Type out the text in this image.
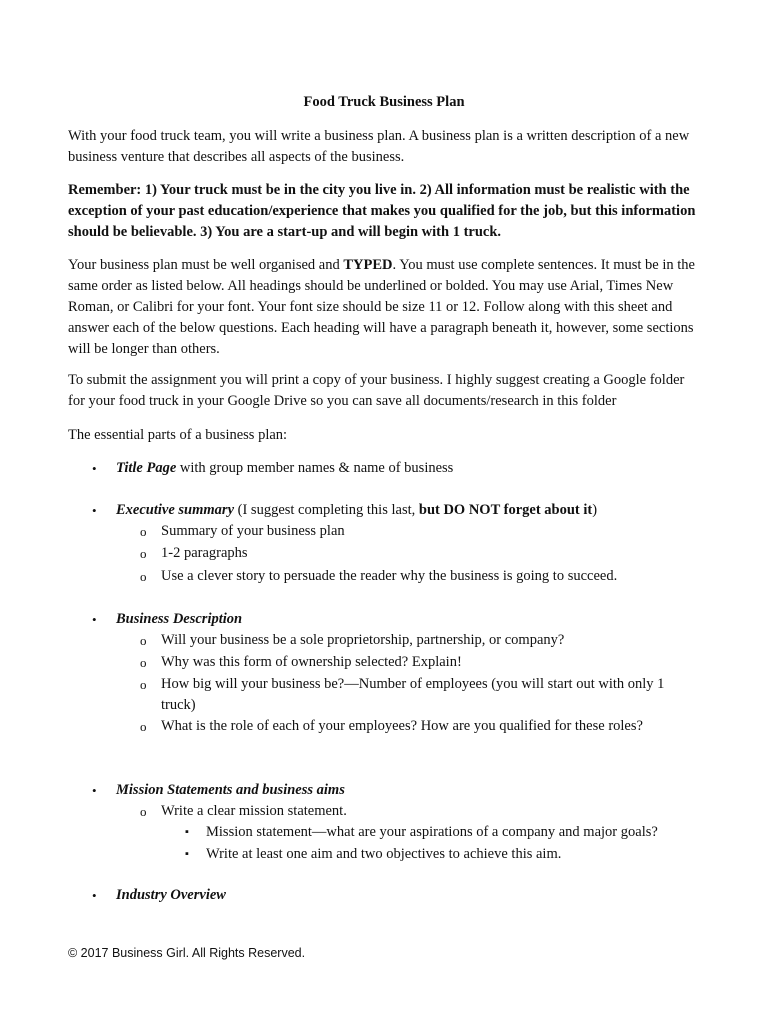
Food Truck Business Plan

With your food truck team, you will write a business plan. A business plan is a written description of a new business venture that describes all aspects of the business.

Remember: 1) Your truck must be in the city you live in. 2) All information must be realistic with the exception of your past education/experience that makes you qualified for the job, but this information should be believable. 3) You are a start-up and will begin with 1 truck.

Your business plan must be well organised and TYPED. You must use complete sentences. It must be in the same order as listed below. All headings should be underlined or bolded. You may use Arial, Times New Roman, or Calibri for your font. Your font size should be size 11 or 12. Follow along with this sheet and answer each of the below questions. Each heading will have a paragraph beneath it, however, some sections will be longer than others.

To submit the assignment you will print a copy of your business. I highly suggest creating a Google folder for your food truck in your Google Drive so you can save all documents/research in this folder

The essential parts of a business plan:

•	Title Page with group member names & name of business
•	Executive summary (I suggest completing this last, but DO NOT forget about it)
o Summary of your business plan
o 1-2 paragraphs
o Use a clever story to persuade the reader why the business is going to succeed.
•	Business Description
o Will your business be a sole proprietorship, partnership, or company?
o Why was this form of ownership selected? Explain!
o How big will your business be?—Number of employees (you will start out with only 1 truck)
o What is the role of each of your employees? How are you qualified for these roles?
•	Mission Statements and business aims
o Write a clear mission statement.
▪ Mission statement—what are your aspirations of a company and major goals?
▪ Write at least one aim and two objectives to achieve this aim.
•	Industry Overview
© 2017 Business Girl. All Rights Reserved.
